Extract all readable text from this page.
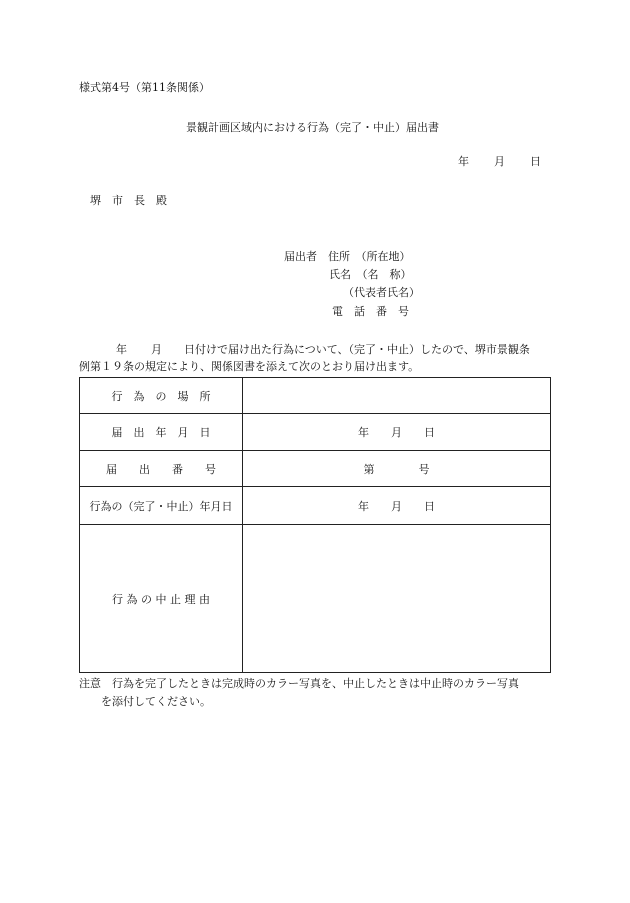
様式第4号（第11条関係）
景観計画区域内における行為（完了・中止）届出書
年 月 日
堺　市　長　殿
届出者　住所　（所在地）
氏名　（名　称）
（代表者氏名）
電　話　番　号
年 月 日付けで届け出た行為について、（完了・中止）したので、堺市景観条
例第１９条の規定により、関係図書を添えて次のとおり届け出ます。
行　為　の　場　所	
届　出　年　月　日	年　　月　　日
届　　出　　番　　号	第　　　　号
行為の（完了・中止）年月日	年　　月　　日
行 為 の 中 止 理 由	
注意　行為を完了したときは完成時のカラー写真を、中止したときは中止時のカラー写真
を添付してください。
